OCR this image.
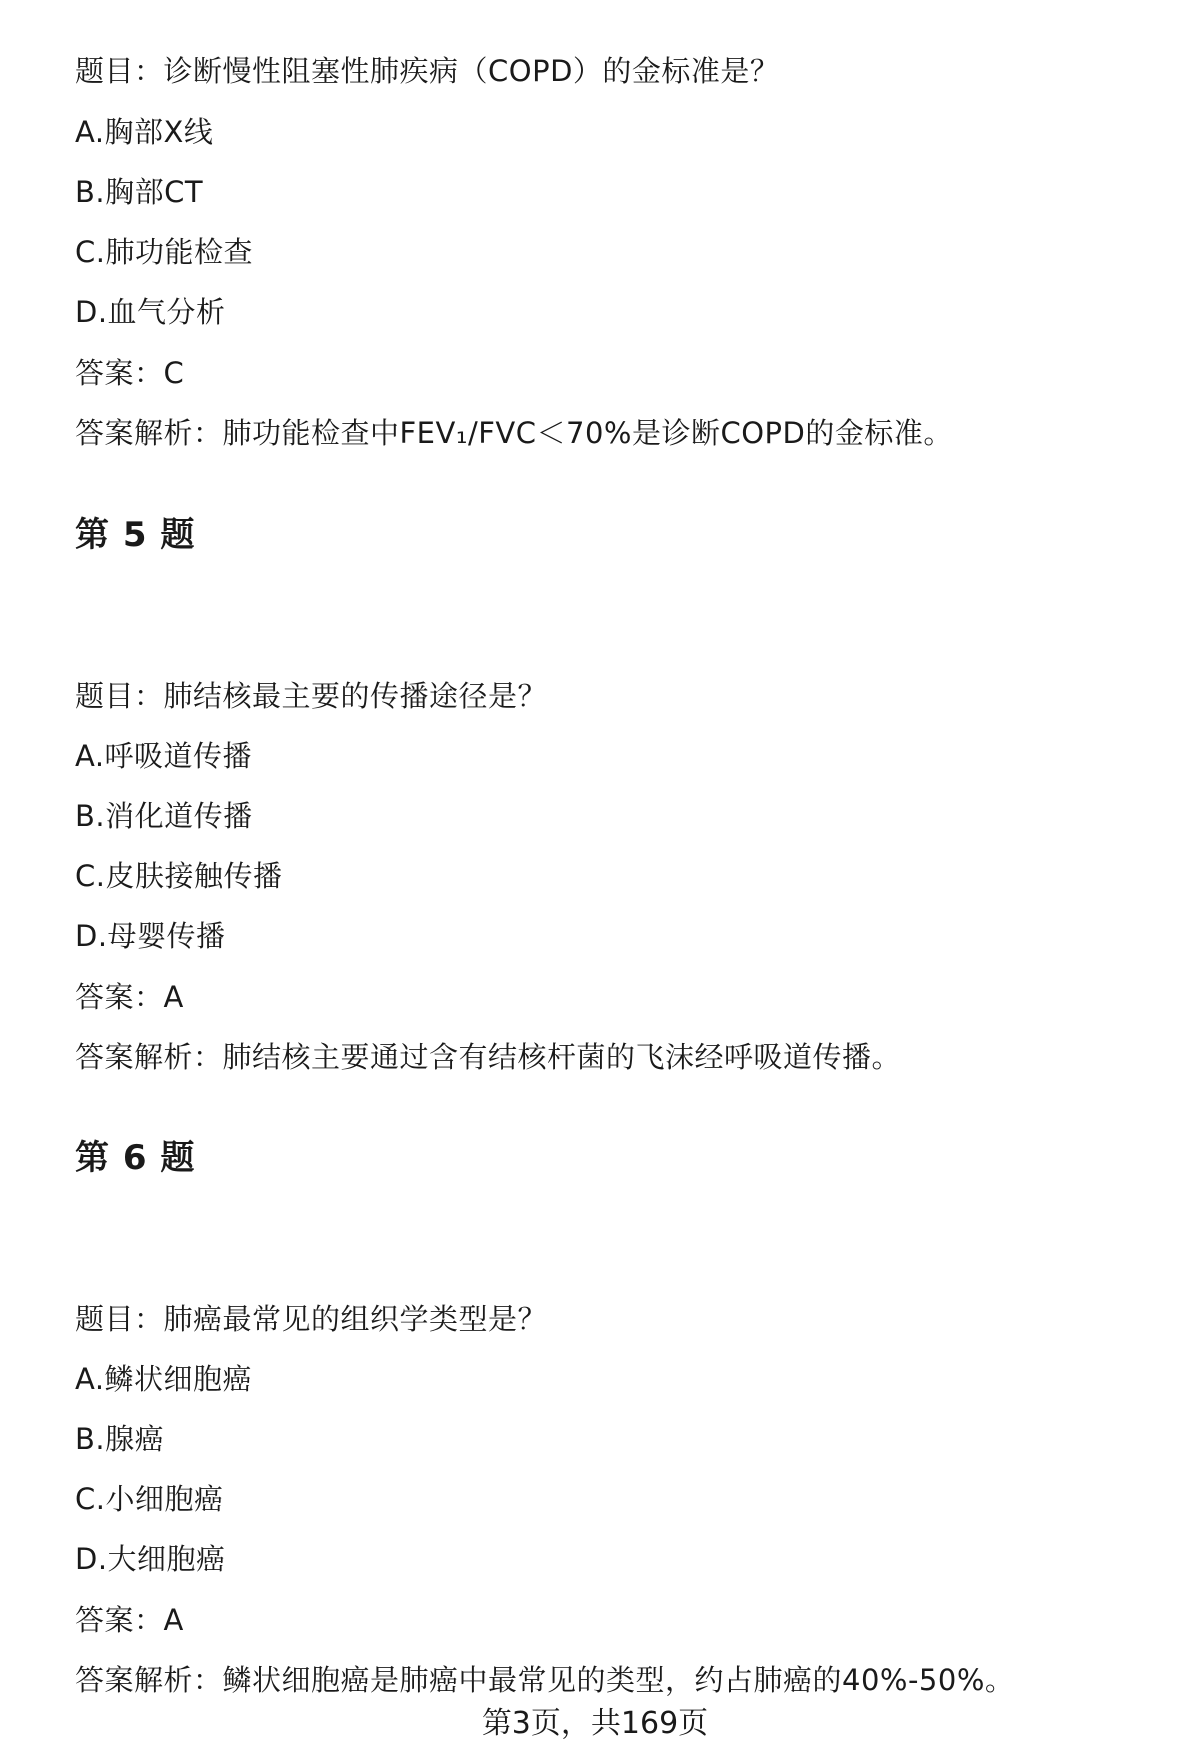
题目：诊断慢性阻塞性肺疾病（COPD）的金标准是？
A.胸部X线
B.胸部CT
C.肺功能检查
D.血气分析
答案：C
答案解析：肺功能检查中FEV₁/FVC＜70%是诊断COPD的金标准。
第 5 题
题目：肺结核最主要的传播途径是？
A.呼吸道传播
B.消化道传播
C.皮肤接触传播
D.母婴传播
答案：A
答案解析：肺结核主要通过含有结核杆菌的飞沫经呼吸道传播。
第 6 题
题目：肺癌最常见的组织学类型是？
A.鳞状细胞癌
B.腺癌
C.小细胞癌
D.大细胞癌
答案：A
答案解析：鳞状细胞癌是肺癌中最常见的类型，约占肺癌的40%-50%。
第3页，共169页
